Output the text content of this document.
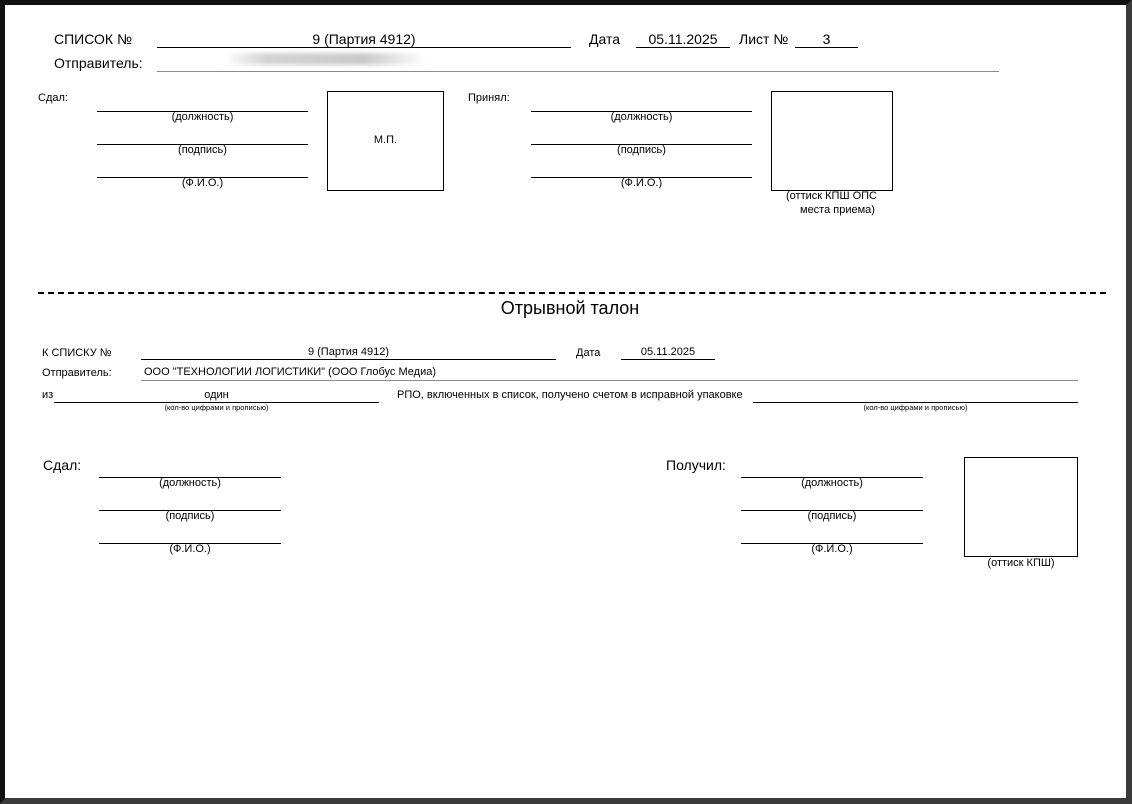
СПИСОК №	9 (Партия 4912)	Дата	05.11.2025	Лист №	3
Отправитель:
Сдал:
(должность)
(подпись)
(Ф.И.О.)
М.П.
Принял:
(должность)
(подпись)
(Ф.И.О.)
(оттиск КПШ ОПС
места приема)
Отрывной талон
К СПИСКУ №	9 (Партия 4912)	Дата	05.11.2025
Отправитель:	ООО "ТЕХНОЛОГИИ ЛОГИСТИКИ" (ООО Глобус Медиа)
из	один
(кол-во цифрами и прописью)
РПО, включенных в список, получено счетом в исправной упаковке
(кол-во цифрами и прописью)
Сдал:
(должность)
(подпись)
(Ф.И.О.)
Получил:
(должность)
(подпись)
(Ф.И.О.)
(оттиск КПШ)
